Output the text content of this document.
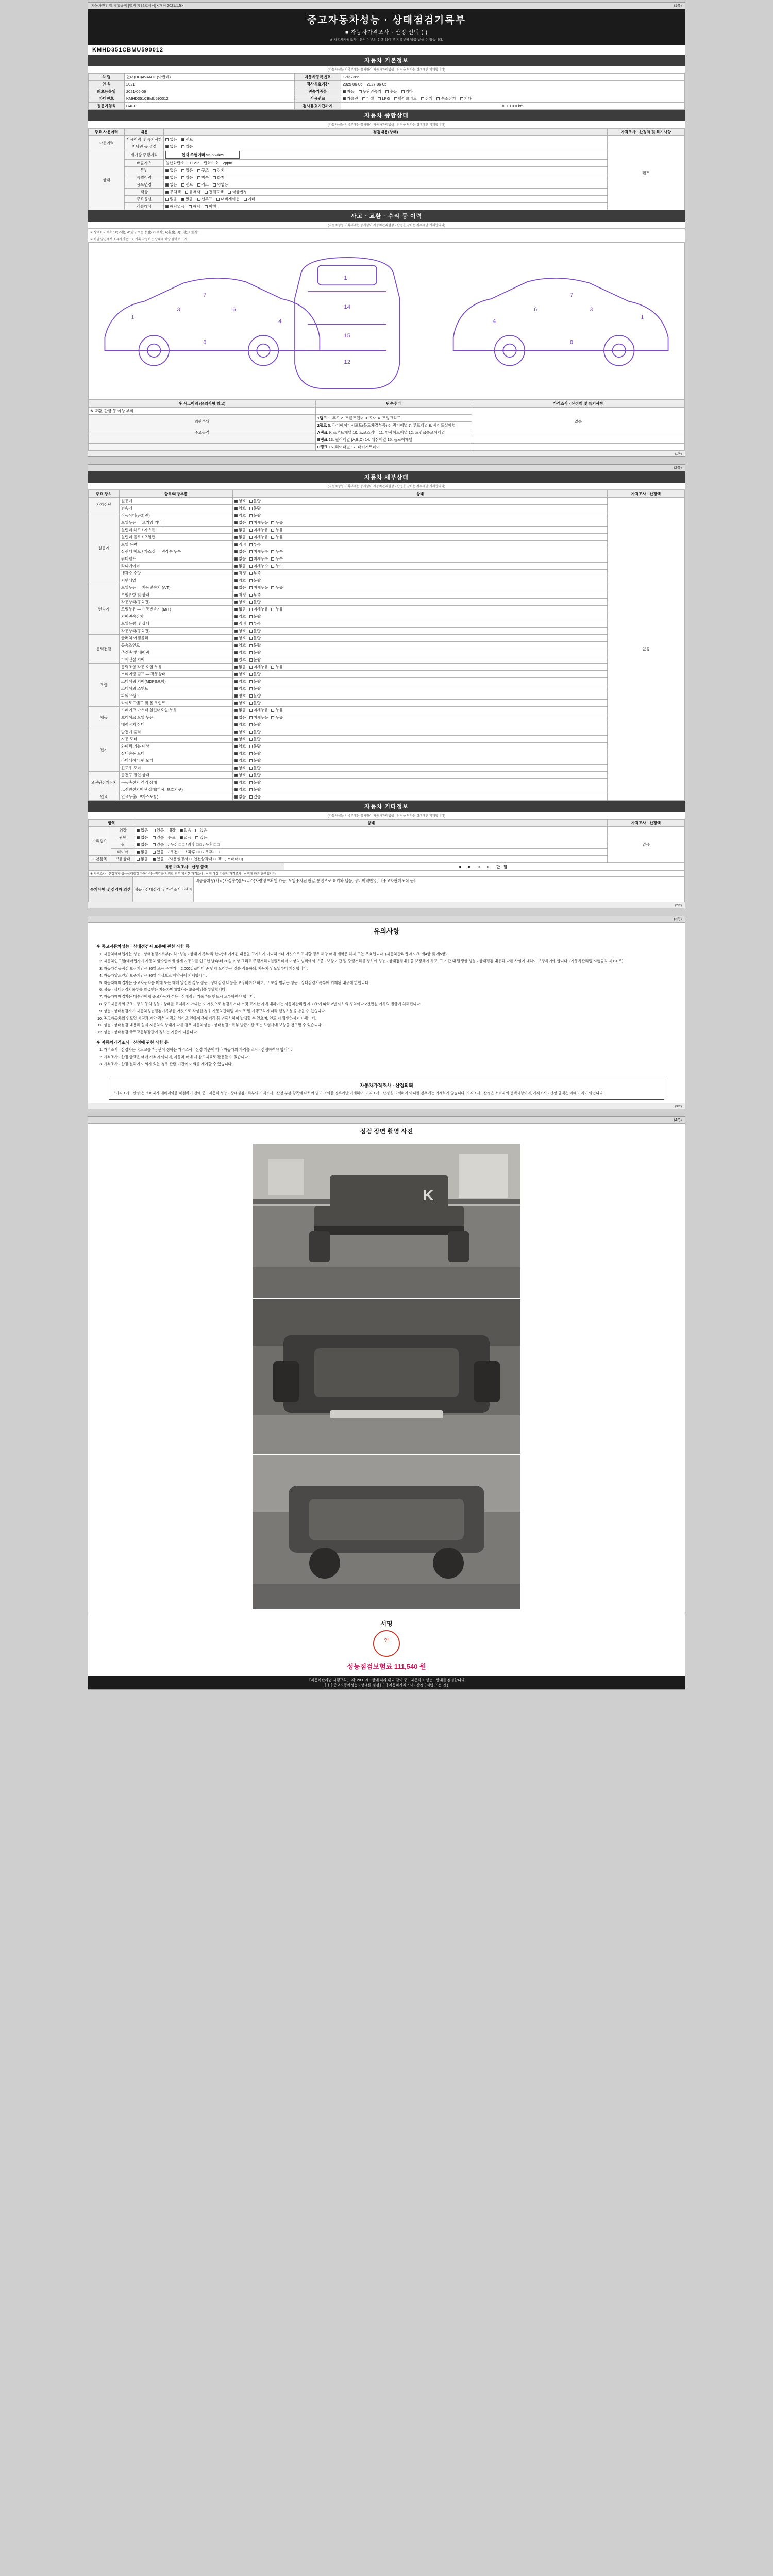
자동차관리법 시행규칙 [별지 제82호서식] <개정 2021.1.5>	(1쪽)
중고자동차성능 · 상태점검기록부
■ 자동차가격조사 · 산정 선택 ( )
※ 자동차가격조사 · 산정 여부의 선택 없이 본 기록부를 발급 받을 수 있습니다.
KMHD351CBMU590012
자동차 기본정보
(자동차성능 기록부에는 통사항이 자동차관리법상 · 산정을 참하는 경우에만 기재합니다)
차 명	현대(HD)AVANTE(아반떼)	자동차등록번호	17머7366
연 식	2021	검사유효기간	2025-06-06 ~ 2027-06-05
최초등록일	2021-06-06	변속기종류	자동 무단변속기 수동 기타
차대번호	KMHD351CBMU590012	사용연료	가솔린 디젤 LPG 하이브리드 전기 수소전기 기타
원동기형식	G4FP	검사유효기간까지	0 0 0 0 0 km
자동차 종합상태
(자동차성능 기록부에는 통사항이 자동차관리법상 · 산정을 참하는 경우에만 기재합니다)
주요 사용이력	내용	점검내용(상태)	가격조사 · 산정액 및 특기사항
사용이력	사용이력 및 특기사항	없음 렌트	렌트
	저당권 등 설정	없음 있음	
상태	계기상 주행거리	현재 주행거리 95,569km	
	배출가스	일산화탄소 0.12% 탄화수소 2ppm	
	튜닝	없음 있음 구조 장치	
	특별이력	없음 있음 침수 화재	
	용도변경	없음 렌트 리스 영업용	
	색상	무채색 유채색 전체도색 색상변경	
	주요옵션	없음 있음 선루프 내비게이션 기타	
	리콜대상	해당없음 해당 이행	
사고 · 교환 · 수리 등 이력
(자동차성능 기록부에는 통사항이 자동차관리법상 · 산정을 참하는 경우에만 기재합니다)
※ 상태표시 부호 : X(교환), W(판금 또는 용접), C(부식), A(흠집), U(요철), T(손상)
※ 하단 앞면에서 소유자기준으로 기록 작성하는 상태에 해당 참여로 표시
1
3	6
4
7
8
1
14
15
12
1
3
6
4
7
8
※ 사고이력 (유의사항 참고)	단순수리	가격조사 · 산정액 및 특기사항
※ 교환, 판금 등 이상 부위		없음
외판부위	1랭크 1. 후드 2. 프론트펜더 3. 도어 4. 트렁크리드	
	2랭크 5. 라디에이터서포트(볼트체결부품) 6. 쿼터패널 7. 루프패널 8. 사이드실패널	
주요골격	A랭크 9. 프론트패널 10. 크로스멤버 11. 인사이드패널 12. 트렁크플로어패널	
	B랭크 13. 필러패널 (A,B,C) 14. 대쉬패널 15. 플로어패널	
	C랭크 16. 리어패널 17. 패키지트레이	
(1쪽)

(2쪽)
자동차 세부상태
(자동차성능 기록부에는 통사항이 자동차관리법상 · 산정을 참하는 경우에만 기재합니다)
주요 장치	항목/해당부품	상태	가격조사 · 산정액
자기진단	원동기	양호 불량	없음
	변속기	양호 불량	
원동기	작동상태(공회전)	양호 불량	
	오일누유 — 로커암 커버	없음 미세누유 누유	
	실린더 헤드 / 가스켓	없음 미세누유 누유	
	실린더 블록 / 오일팬	없음 미세누유 누유	
	오일 유량	적정 부족	
	실린더 헤드 / 가스켓 — 냉각수 누수	없음 미세누수 누수	
	워터펌프	없음 미세누수 누수	
	라디에이터	없음 미세누수 누수	
	냉각수 수량	적정 부족	
	커먼레일	양호 불량	
변속기	오일누유 — 자동변속기 (A/T)	없음 미세누유 누유	
	오일유량 및 상태	적정 부족	
	작동상태(공회전)	양호 불량	
	오일누유 — 수동변속기 (M/T)	없음 미세누유 누유	
	기어변속장치	양호 불량	
	오일유량 및 상태	적정 부족	
	작동상태(공회전)	양호 불량	
동력전달	클러치 어셈블리	양호 불량	
	등속죠인트	양호 불량	
	추진축 및 베어링	양호 불량	
	디퍼렌셜 기어	양호 불량	
조향	동력조향 작동 오일 누유	없음 미세누유 누유	
	스티어링 펌프 — 작동상태	양호 불량	
	스티어링 기어(MDPS포함)	양호 불량	
	스티어링 조인트	양호 불량	
	파워크랭크	양호 불량	
	타이로드엔드 및 볼 조인트	양호 불량	
제동	브레이크 마스터 실린더오일 누유	없음 미세누유 누유	
	브레이크 오일 누유	없음 미세누유 누유	
	배력장치 상태	양호 불량	
전기	발전기 출력	양호 불량	
	시동 모터	양호 불량	
	와이퍼 기능 이상	양호 불량	
	실내송풍 모터	양호 불량	
	라디에이터 팬 모터	양호 불량	
	윈도우 모터	양호 불량	
고전원전기장치	충전구 절연 상태	양호 불량	
	구동축전지 격리 상태	양호 불량	
	고전원전기배선 상태(피복, 보호기구)	양호 불량	
연료	연료누출(LP가스포함)	없음 있음	
자동차 기타정보
(자동차성능 기록부에는 통사항이 자동차관리법상 · 산정을 참하는 경우에만 기재합니다)
항목		상태	가격조사 · 산정액
수리필요	외장	없음 있음 내장 없음 있음	없음
	광택	없음 있음 룸프 없음 있음	
	휠	없음 있음 / 우전 □ □ / 좌후 □ □ / 우후 □ □	
	타이어	없음 있음 / 우전 □ □ / 좌후 □ □ / 우후 □ □	
기본품목	보유상태	없음 있음 (사용설명서 □, 안전삼각대 □, 잭 □, 스패너 □)	
최종 가격조사 · 산정 금액	0 0 0 0 만원
※ 가격조사 · 산정자가 성능상태점검 자동차성능점검을 의뢰할 경우 제시한 가격조사 · 산정 대상 차량의 가격조사 · 산정에 따른 금액입니다.
특기사항 및 점검자 의견	성능 · 상태점검 및 가격조사 · 산정	비공유차량(카닥)가정송/(렌트/리스)차량정보확인 가능, 도입중지된 판금,용접으로 표기와 달음, 장비이력반영, 《중고차판매도식 등》
(2쪽)

(3쪽)
유의사항
※ 중고자동차성능 · 상태점검자 보증에 관한 사항 등
1. 자동차매매업자는 성능 · 상태점검기록부(이하 "성능 · 상태 기록부"라 한다)에 기재된 내용을 고지하지 아니하거나 거짓으로 고지할 경우 해당 매매 계약은 해제 또는 무효입니다. (자동차관리법 제58조 제4항 및 제5항)
2. 자동차인도일(매매업자가 자동차 양수인에게 실제 자동차를 인도한 날)부터 30일 이상 그리고 주행거리 2천킬로미터 이상의 범위에서 보증 · 보상 기간 및 주행거리를 정하여 성능 · 상태점검내용을 보장해야 하고, 그 기간 내 발생한 성능 · 상태점검 내용과 다른 사실에 대하여 보장하여야 합니다. (자동차관리법 시행규칙 제120조)
3. 자동차성능점검 보장기간은 30일 또는 주행거리 2,000킬로미터 중 먼저 도래하는 것을 적용하되, 자동차 인도일부터 기산합니다.
4. 자동차양도인의 보증기간은 30일 이상으로 계약서에 기재합니다.
5. 자동차매매업자는 중고자동차를 매매 또는 매매 알선한 경우 성능 · 상태점검 내용을 보장하여야 하며, 그 보장 범위는 성능 · 상태점검기록부에 기재된 내용에 한합니다.
6. 성능 · 상태점검기록부를 발급받은 자동차매매업자는 보증책임을 부담합니다.
7. 자동차매매업자는 매수인에게 중고자동차 성능 · 상태점검 기록부를 반드시 교부하여야 합니다.
8. 중고자동차의 구조 · 장치 등의 성능 · 상태를 고지하지 아니한 자 거짓으로 점검하거나 거짓 고지한 자에 대하여는 자동차관리법 제80조에 따라 2년 이하의 징역이나 2천만원 이하의 벌금에 처해집니다.
9. 성능 · 상태점검자가 자동차성능점검기록부를 거짓으로 작성한 경우 자동차관리법 제58조 및 시행규칙에 따라 행정처분을 받을 수 있습니다.
10. 중고자동차의 인도일 시점과 계약 작성 시점의 차이로 인하여 주행거리 등 변동사항이 발생할 수 있으며, 인도 시 확인하시기 바랍니다.
11. 성능 · 상태점검 내용과 실제 자동차의 상태가 다를 경우 자동차성능 · 상태점검기록부 발급기관 또는 보험사에 보상을 청구할 수 있습니다.
12. 성능 · 상태점검 국토교통부장관이 정하는 기준에 따릅니다.
※ 자동차가격조사 · 산정에 관한 사항 등
1. 가격조사 · 산정자는 국토교통부장관이 정하는 가격조사 · 산정 기준에 따라 자동차의 가격을 조사 · 산정하여야 합니다.
2. 가격조사 · 산정 금액은 매매 가격이 아니며, 자동차 매매 시 참고자료로 활용할 수 있습니다.
3. 가격조사 · 산정 결과에 이의가 있는 경우 관련 기관에 이의를 제기할 수 있습니다.
자동차가격조사 · 산정의뢰
"가격조사 · 산정"은 소비자가 매매계약을 체결하기 전에 중고자동차 성능 · 상태점검기록부의 가격조사 · 산정 부분 항목에 대하여 별도 의뢰한 경우에만 기재하며, 가격조사 · 산정을 의뢰하지 아니한 경우에는 기재하지 않습니다. 가격조사 · 산정은 소비자의 선택사항이며, 가격조사 · 산정 금액은 매매 가격이 아닙니다.
(3쪽)

(4쪽)
점검 장면 촬영 사진
K
서명
인
성능점검보험료 111,540 원
「자동차관리법 시행규칙」 제120조 제 1항에 따라 위와 같이 중고자동차의 성능 · 상태를 점검합니다.
[ ㅣ ] 중고자동차성능 · 상태를 점검 [ ㅣ ] 자동차가격조사 · 산정 ( 서명 또는 인 )
